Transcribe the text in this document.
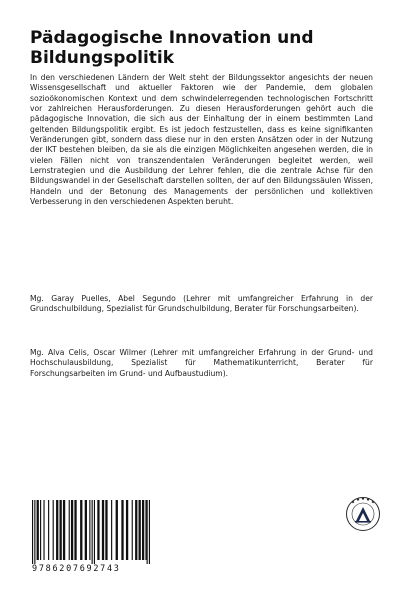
Pädagogische Innovation und Bildungspolitik
In den verschiedenen Ländern der Welt steht der Bildungssektor angesichts der neuen Wissensgesellschaft und aktueller Faktoren wie der Pandemie, dem globalen sozioökonomischen Kontext und dem schwindelerregenden technologischen Fortschritt vor zahlreichen Herausforderungen. Zu diesen Herausforderungen gehört auch die pädagogische Innovation, die sich aus der Einhaltung der in einem bestimmten Land geltenden Bildungspolitik ergibt. Es ist jedoch festzustellen, dass es keine signifikanten Veränderungen gibt, sondern dass diese nur in den ersten Ansätzen oder in der Nutzung der IKT bestehen bleiben, da sie als die einzigen Möglichkeiten angesehen werden, die in vielen Fällen nicht von transzendentalen Veränderungen begleitet werden, weil Lernstrategien und die Ausbildung der Lehrer fehlen, die die zentrale Achse für den Bildungswandel in der Gesellschaft darstellen sollten, der auf den Bildungssäulen Wissen, Handeln und der Betonung des Managements der persönlichen und kollektiven Verbesserung in den verschiedenen Aspekten beruht.
Mg. Garay Puelles, Abel Segundo (Lehrer mit umfangreicher Erfahrung in der Grundschulbildung, Spezialist für Grundschulbildung, Berater für Forschungsarbeiten).
Mg. Alva Celis, Oscar Wilmer (Lehrer mit umfangreicher Erfahrung in der Grund- und Hochschulausbildung, Spezialist für Mathematikunterricht, Berater für Forschungsarbeiten im Grund- und Aufbaustudium).
9786207692743
